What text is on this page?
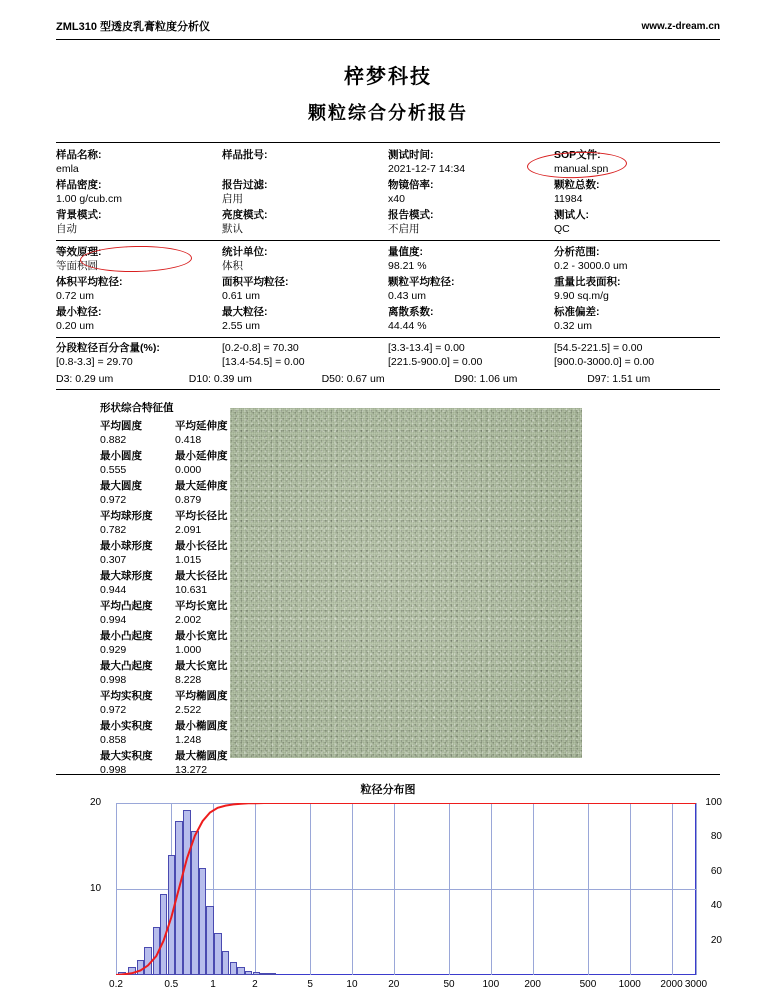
ZML310 型透皮乳膏粒度分析仪	www.z-dream.cn
梓梦科技
颗粒综合分析报告
样品名称:
emla
样品批号:	测试时间:
2021-12-7 14:34
SOP文件:
manual.spn
样品密度:
1.00 g/cub.cm
报告过滤:
启用
物镜倍率:
x40
颗粒总数:
11984
背景模式:
自动
亮度模式:
默认
报告模式:
不启用
测试人:
QC
等效原理:
等面积圆
统计单位:
体积
量值度:
98.21 %
分析范围:
0.2 - 3000.0 um
体积平均粒径:
0.72 um
面积平均粒径:
0.61 um
颗粒平均粒径:
0.43 um
重量比表面积:
9.90 sq.m/g
最小粒径:
0.20 um
最大粒径:
2.55 um
离散系数:
44.44 %
标准偏差:
0.32 um
分段粒径百分含量(%):	[0.2-0.8] = 70.30	[3.3-13.4] = 0.00	[54.5-221.5] = 0.00
[0.8-3.3] = 29.70	[13.4-54.5] = 0.00	[221.5-900.0] = 0.00	[900.0-3000.0] = 0.00
D3: 0.29 um	D10: 0.39 um	D50: 0.67 um	D90: 1.06 um	D97: 1.51 um
形状综合特征值
平均圆度
0.882
平均延伸度
0.418
最小圆度
0.555
最小延伸度
0.000
最大圆度
0.972
最大延伸度
0.879
平均球形度
0.782
平均长径比
2.091
最小球形度
0.307
最小长径比
1.015
最大球形度
0.944
最大长径比
10.631
平均凸起度
0.994
平均长宽比
2.002
最小凸起度
0.929
最小长宽比
1.000
最大凸起度
0.998
最大长宽比
8.228
平均实积度
0.972
平均椭圆度
2.522
最小实积度
0.858
最小椭圆度
1.248
最大实积度
0.998
最大椭圆度
13.272
粒径分布图
0.2	0.5	1	2	5	10	20	50	100	200	500 1000 2000 3000
10
20
20
40
60
80
100
